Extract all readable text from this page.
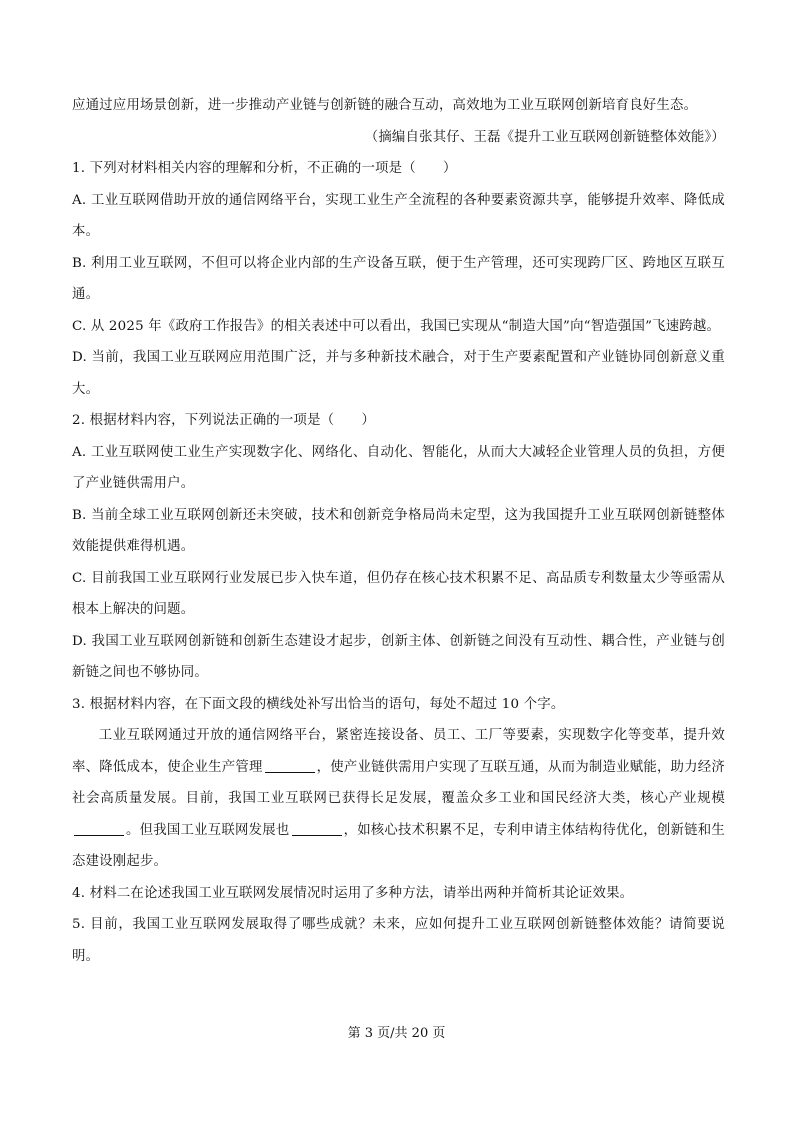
应通过应用场景创新，进一步推动产业链与创新链的融合互动，高效地为工业互联网创新培育良好生态。

（摘编自张其仔、王磊《提升工业互联网创新链整体效能》）

1. 下列对材料相关内容的理解和分析，不正确的一项是（　　）

A. 工业互联网借助开放的通信网络平台，实现工业生产全流程的各种要素资源共享，能够提升效率、降低成本。

B. 利用工业互联网，不但可以将企业内部的生产设备互联，便于生产管理，还可实现跨厂区、跨地区互联互通。

C. 从 2025 年《政府工作报告》的相关表述中可以看出，我国已实现从“制造大国”向“智造强国”飞速跨越。

D. 当前，我国工业互联网应用范围广泛，并与多种新技术融合，对于生产要素配置和产业链协同创新意义重大。

2. 根据材料内容，下列说法正确的一项是（　　）

A. 工业互联网使工业生产实现数字化、网络化、自动化、智能化，从而大大减轻企业管理人员的负担，方便了产业链供需用户。

B. 当前全球工业互联网创新还未突破，技术和创新竞争格局尚未定型，这为我国提升工业互联网创新链整体效能提供难得机遇。

C. 目前我国工业互联网行业发展已步入快车道，但仍存在核心技术积累不足、高品质专利数量太少等亟需从根本上解决的问题。

D. 我国工业互联网创新链和创新生态建设才起步，创新主体、创新链之间没有互动性、耦合性，产业链与创新链之间也不够协同。

3. 根据材料内容，在下面文段的横线处补写出恰当的语句，每处不超过 10 个字。

工业互联网通过开放的通信网络平台，紧密连接设备、员工、工厂等要素，实现数字化等变革，提升效率、降低成本，使企业生产管理	，使产业链供需用户实现了互联互通，从而为制造业赋能，助力经济社会高质量发展。目前，我国工业互联网已获得长足发展，覆盖众多工业和国民经济大类，核心产业规模。但我国工业互联网发展也	，如核心技术积累不足，专利申请主体结构待优化，创新链和生态建设刚起步。

4. 材料二在论述我国工业互联网发展情况时运用了多种方法，请举出两种并简析其论证效果。

5. 目前，我国工业互联网发展取得了哪些成就？未来，应如何提升工业互联网创新链整体效能？请简要说明。

第 3 页/共 20 页
